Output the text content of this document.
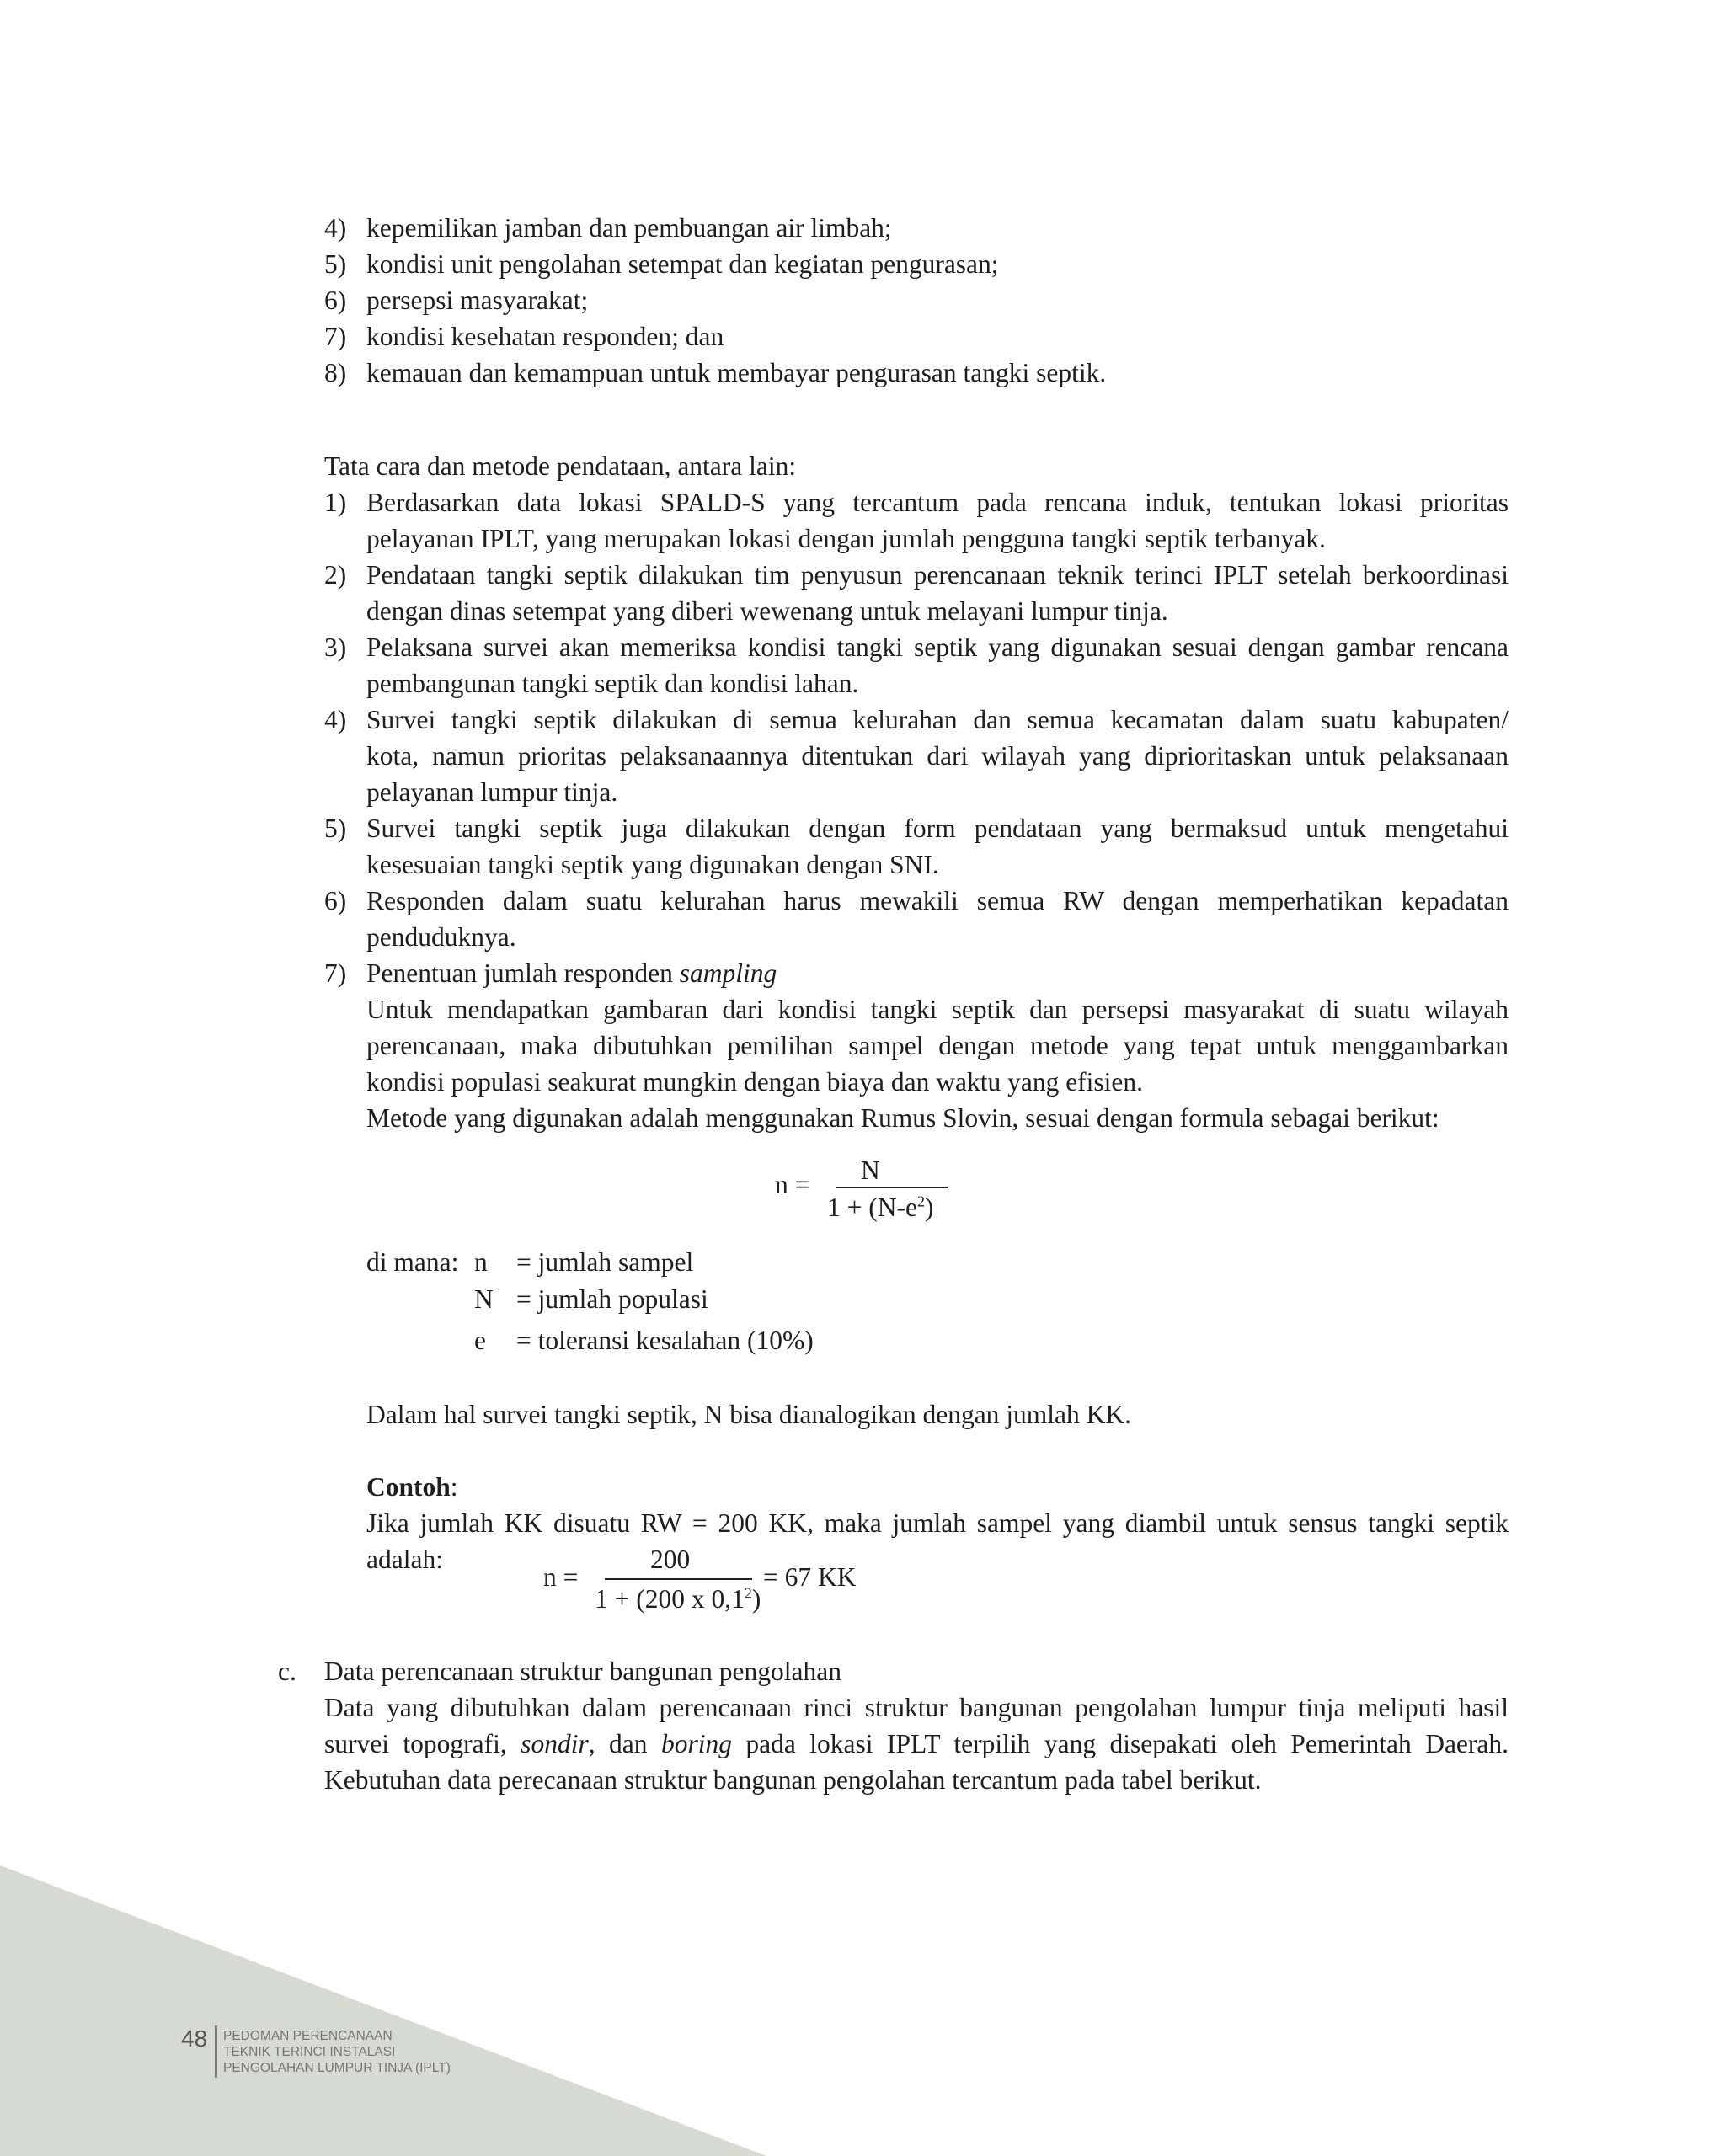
4) kepemilikan jamban dan pembuangan air limbah;

5) kondisi unit pengolahan setempat dan kegiatan pengurasan;

6) persepsi masyarakat;

7) kondisi kesehatan responden; dan

8) kemauan dan kemampuan untuk membayar pengurasan tangki septik.

Tata cara dan metode pendataan, antara lain:

1) Berdasarkan data lokasi SPALD-S yang tercantum pada rencana induk, tentukan lokasi prioritas

pelayanan IPLT, yang merupakan lokasi dengan jumlah pengguna tangki septik terbanyak.

2) Pendataan tangki septik dilakukan tim penyusun perencanaan teknik terinci IPLT setelah berkoordinasi

dengan dinas setempat yang diberi wewenang untuk melayani lumpur tinja.

3) Pelaksana survei akan memeriksa kondisi tangki septik yang digunakan sesuai dengan gambar rencana

pembangunan tangki septik dan kondisi lahan.

4) Survei tangki septik dilakukan di semua kelurahan dan semua kecamatan dalam suatu kabupaten/

kota, namun prioritas pelaksanaannya ditentukan dari wilayah yang diprioritaskan untuk pelaksanaan

pelayanan lumpur tinja.

5) Survei tangki septik juga dilakukan dengan form pendataan yang bermaksud untuk mengetahui

kesesuaian tangki septik yang digunakan dengan SNI.

6) Responden dalam suatu kelurahan harus mewakili semua RW dengan memperhatikan kepadatan

penduduknya.

7) Penentuan jumlah responden sampling

Untuk mendapatkan gambaran dari kondisi tangki septik dan persepsi masyarakat di suatu wilayah

perencanaan, maka dibutuhkan pemilihan sampel dengan metode yang tepat untuk menggambarkan

kondisi populasi seakurat mungkin dengan biaya dan waktu yang efisien.

Metode yang digunakan adalah menggunakan Rumus Slovin, sesuai dengan formula sebagai berikut:

n = N
$1 + (N-e^2)$
di mana: n = jumlah sampel
N = jumlah populasi
e = toleransi kesalahan (10%)

Dalam hal survei tangki septik, N bisa dianalogikan dengan jumlah KK.

Contoh:

Jika jumlah KK disuatu RW = 200 KK, maka jumlah sampel yang diambil untuk sensus tangki septik

adalah:

n =
200
1 + (200 x $0,1^2$)
= 67 KK
c. Data perencanaan struktur bangunan pengolahan

Data yang dibutuhkan dalam perencanaan rinci struktur bangunan pengolahan lumpur tinja meliputi hasil

survei topografi, sondir, dan boring pada lokasi IPLT terpilih yang disepakati oleh Pemerintah Daerah.

Kebutuhan data perecanaan struktur bangunan pengolahan tercantum pada tabel berikut.

48 PEDOMAN PERENCANAAN
TEKNIK TERINCI INSTALASI
PENGOLAHAN LUMPUR TINJA (IPLT)
